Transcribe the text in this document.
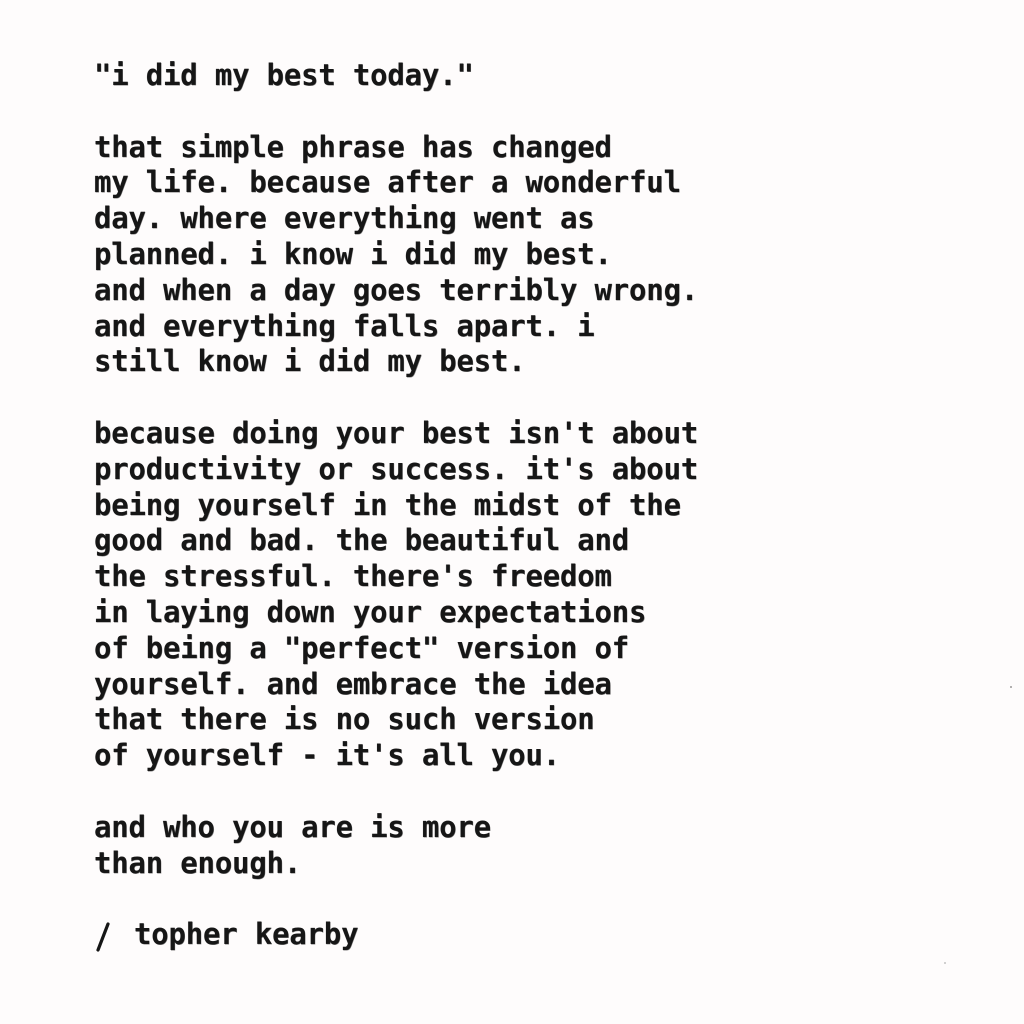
"i did my best today."
that simple phrase has changed
my life. because after a wonderful
day. where everything went as
planned. i know i did my best.
and when a day goes terribly wrong.
and everything falls apart. i
still know i did my best.
because doing your best isn't about
productivity or success. it's about
being yourself in the midst of the
good and bad. the beautiful and
the stressful. there's freedom
in laying down your expectations
of being a "perfect" version of
yourself. and embrace the idea
that there is no such version
of yourself - it's all you.
and who you are is more
than enough.
topher kearby
